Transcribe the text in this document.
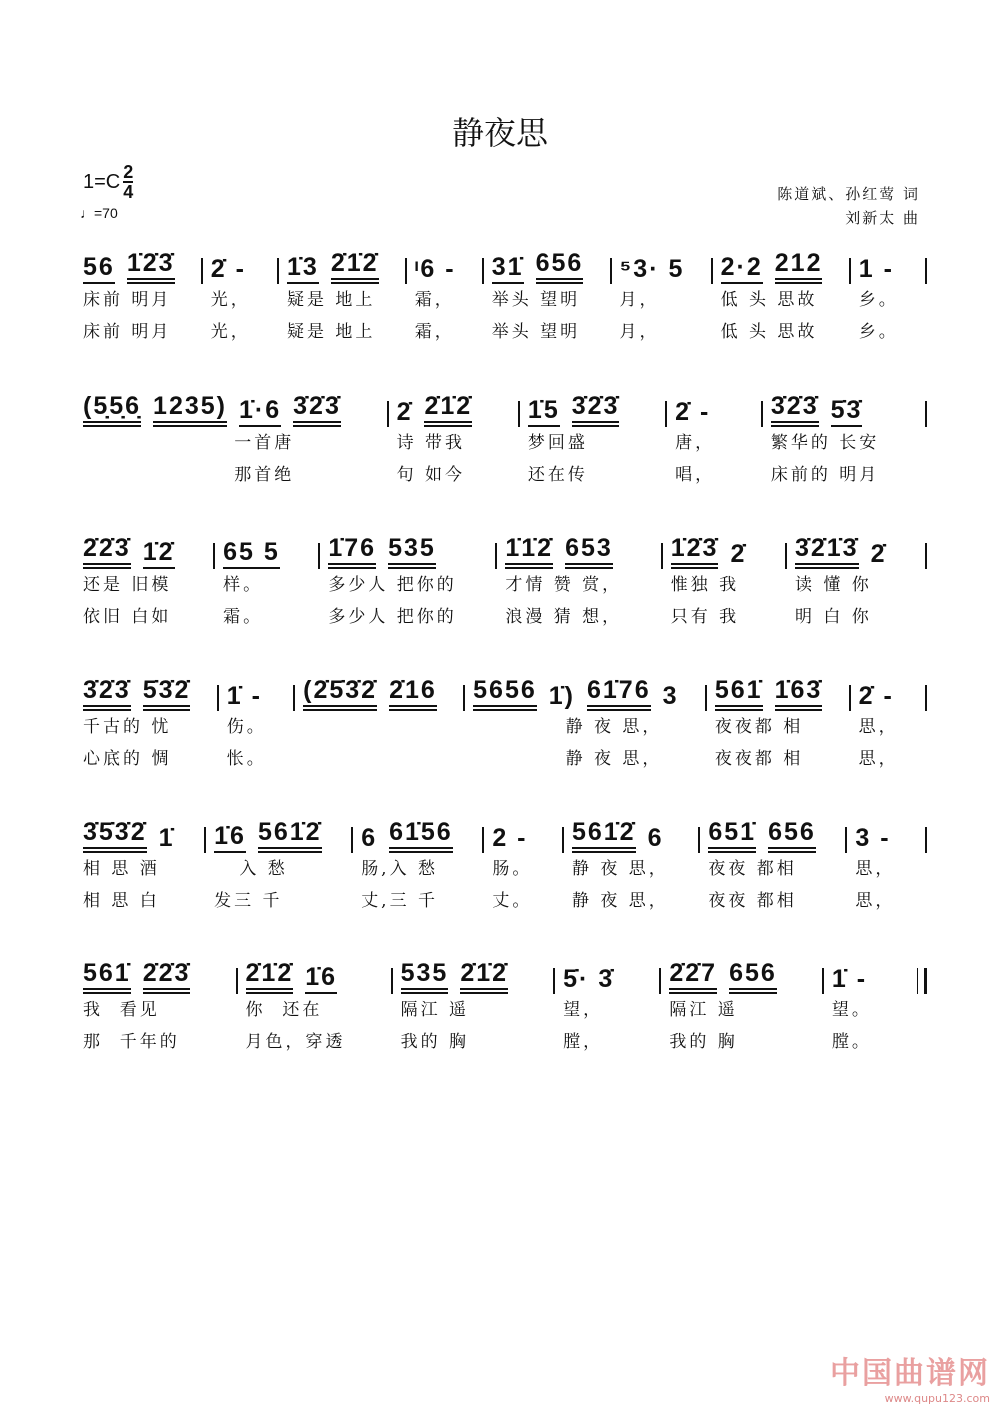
静夜思
1=C 2
4
♩=70
陈道斌、孙红莺 词
刘新太 曲
56 1̇2̇3̇
床前 明月
床前 明月
2̇ -
光，
光，
1̇3 2̇1̇2̇
疑是 地上
疑是 地上
ᶦ6 -
霜，
霜，
31̇ 656
举头 望明
举头 望明
⁵3· 5
月，
月，
2·2 212
低 头 思故
低 头 思故
1 -
乡。
乡。
(5̣5̣6̣ 1235) 1̇·6 3̇2̇3̇
一首唐
那首绝
2̇ 2̇1̇2̇
诗 带我
句 如今
1̇5 3̇2̇3̇
梦回盛
还在传
2̇ -
唐，
唱，
3̇2̇3̇ 5̇3̇
繁华的 长安
床前的 明月
2̇2̇3̇ 1̇2̇
还是 旧模
依旧 白如
65 5
样。
霜。
1̇76 535
多少人 把你的
多少人 把你的
1̇1̇2̇ 653
才情 赞 赏，
浪漫 猜 想，
1̇2̇3̇ 2̇
惟独 我
只有 我
3̇2̇1̇3̇ 2̇
读 懂 你
明 白 你
3̇2̇3̇ 5̇3̇2̇
千古的 忧
心底的 惆
1̇ -
伤。
怅。
(2̇5̇3̇2̇ 2̇16 5656 1̇) 61̇76 3
静 夜 思，
静 夜 思，
561̇ 1̇63̇
夜夜都 相
夜夜都 相
2̇ -
思，
思，
3̇5̇3̇2̇ 1̇
相 思 酒
相 思 白
1̇6 561̇2̇
入 愁
发三 千
6 61̇56
肠,入 愁
丈,三 千
2 -
肠。
丈。
561̇2̇ 6
静 夜 思，
静 夜 思，
651̇ 656
夜夜 都相
夜夜 都相
3 -
思，
思，
561̇ 2̇2̇3̇
我  看见
那  千年的
2̇1̇2̇ 1̇6
你  还在
月色，穿透
535 2̇1̇2̇
隔江 遥
我的 胸
5̇· 3̇
望，
膛，
2̇2̇7 656
隔江 遥
我的 胸
1̇ -
望。
膛。
中国曲谱网
www.qupu123.com
